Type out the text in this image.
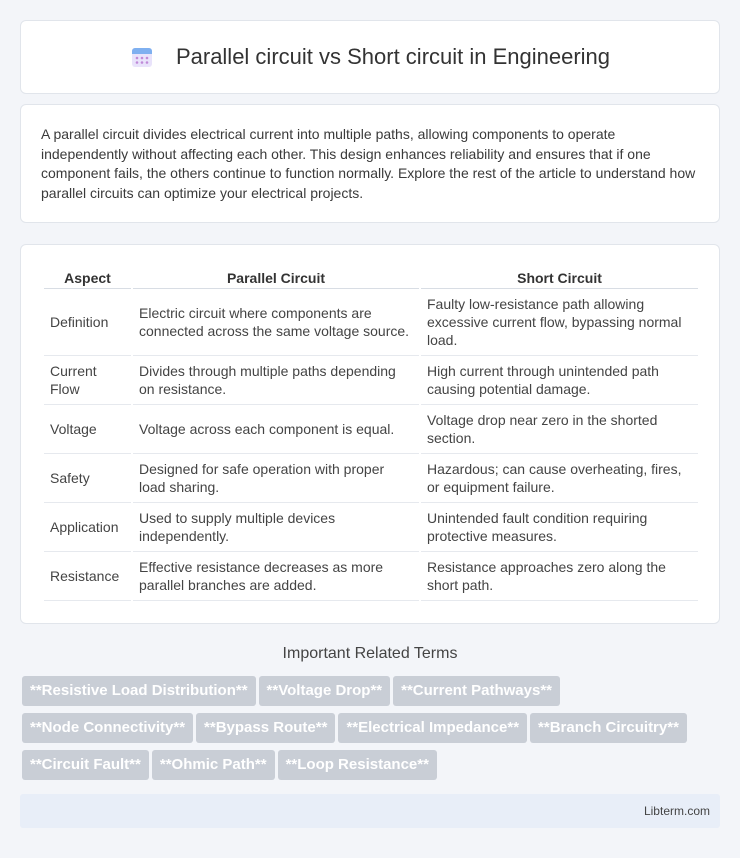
Parallel circuit vs Short circuit in Engineering

A parallel circuit divides electrical current into multiple paths, allowing components to operate independently without affecting each other. This design enhances reliability and ensures that if one component fails, the others continue to function normally. Explore the rest of the article to understand how parallel circuits can optimize your electrical projects.

Aspect	Parallel Circuit	Short Circuit
Definition	Electric circuit where components are connected across the same voltage source.	Faulty low-resistance path allowing excessive current flow, bypassing normal load.
Current Flow	Divides through multiple paths depending on resistance.	High current through unintended path causing potential damage.
Voltage	Voltage across each component is equal.	Voltage drop near zero in the shorted section.
Safety	Designed for safe operation with proper load sharing.	Hazardous; can cause overheating, fires, or equipment failure.
Application	Used to supply multiple devices independently.	Unintended fault condition requiring protective measures.
Resistance	Effective resistance decreases as more parallel branches are added.	Resistance approaches zero along the short path.
Important Related Terms
**Resistive Load Distribution** **Voltage Drop** **Current Pathways**
**Node Connectivity** **Bypass Route** **Electrical Impedance** **Branch Circuitry**
**Circuit Fault** **Ohmic Path** **Loop Resistance**
Libterm.com
